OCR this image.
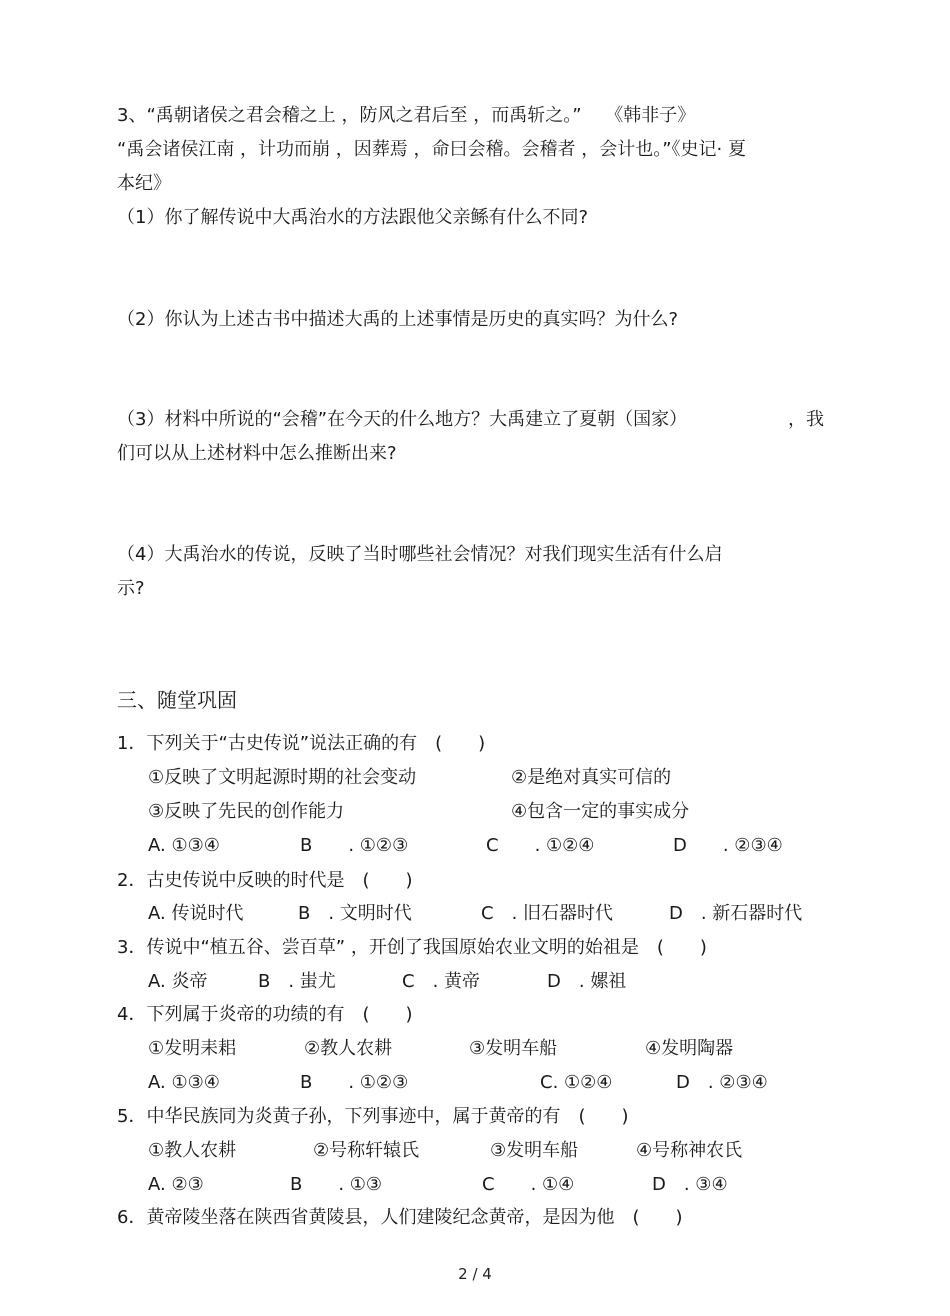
3、“禹朝诸侯之君会稽之上 ，防风之君后至 ，而禹斩之。”　 《韩非子》
“禹会诸侯江南 ，计功而崩 ，因葬焉 ，命曰会稽。会稽者 ，会计也。”《史记· 夏
本纪》
（1）你了解传说中大禹治水的方法跟他父亲鲧有什么不同?
（2）你认为上述古书中描述大禹的上述事情是历史的真实吗？为什么?
（3）材料中所说的“会稽”在今天的什么地方？大禹建立了夏朝（国家）	，我
们可以从上述材料中怎么推断出来?
（4）大禹治水的传说，反映了当时哪些社会情况？对我们现实生活有什么启
示?
三、随堂巩固
1．下列关于“古史传说”说法正确的有　(　　)
①反映了文明起源时期的社会变动	②是绝对真实可信的
③反映了先民的创作能力	④包含一定的事实成分
A. ①③④	B　　. ①②③	C　　. ①②④	D　　. ②③④
2．古史传说中反映的时代是　(　　)
A. 传说时代	B　. 文明时代	C　. 旧石器时代	D　. 新石器时代
3．传说中“植五谷、尝百草” ，开创了我国原始农业文明的始祖是　(　　)
A. 炎帝	B　. 蚩尤	C　. 黄帝	D　. 嫘祖
4．下列属于炎帝的功绩的有　(　　)
①发明耒耜	②教人农耕	③发明车船	④发明陶器
A. ①③④	B　　. ①②③	C. ①②④	D　. ②③④
5．中华民族同为炎黄子孙，下列事迹中，属于黄帝的有　(　　)
①教人农耕	②号称轩辕氏	③发明车船	④号称神农氏
A. ②③	B　　. ①③	C　　. ①④	D　. ③④
6．黄帝陵坐落在陕西省黄陵县，人们建陵纪念黄帝，是因为他　(　　)
2 / 4
